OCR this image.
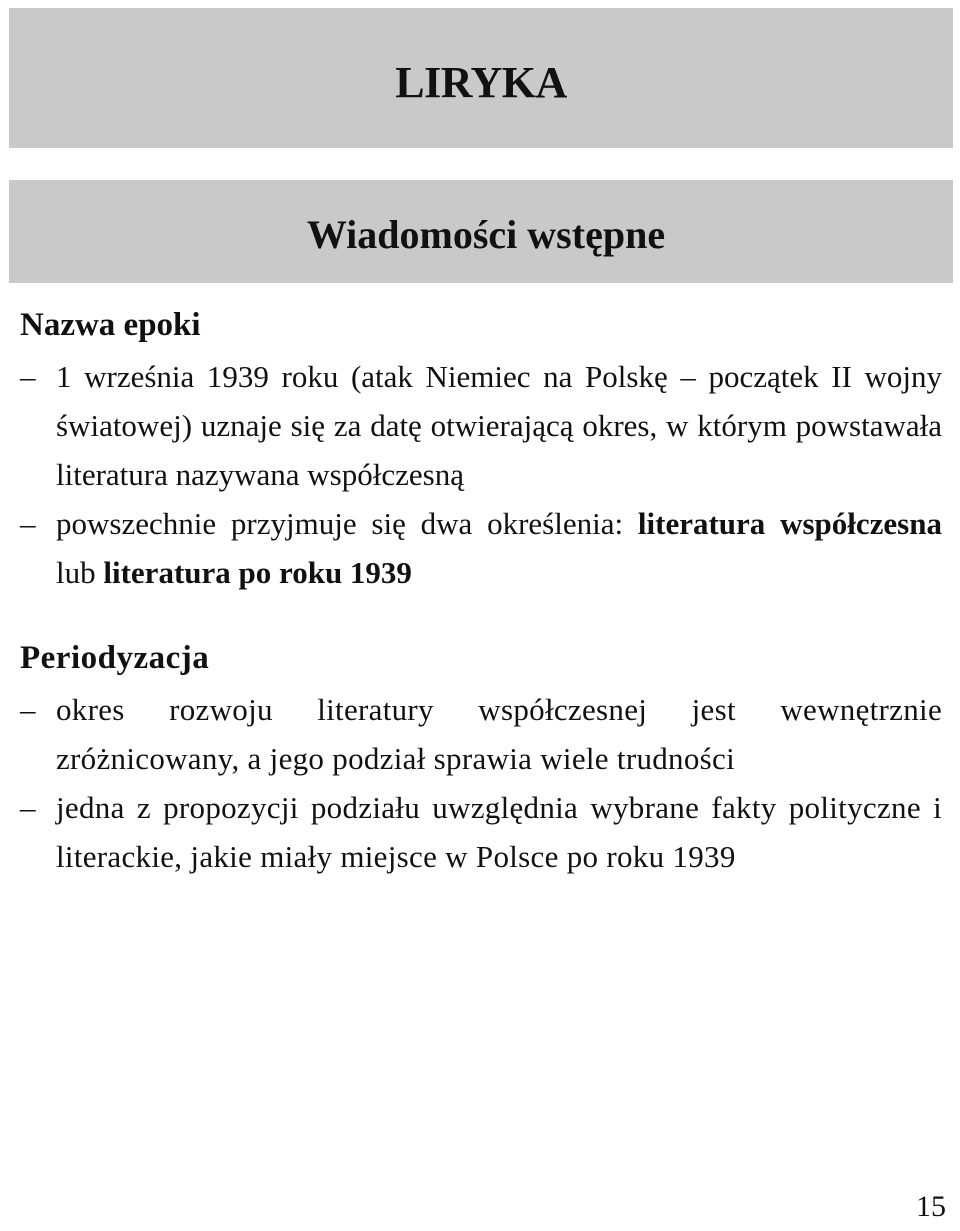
LIRYKA
Wiadomości wstępne
Nazwa epoki
– 1 września 1939 roku (atak Niemiec na Polskę – początek II wojny światowej) uznaje się za datę otwierającą okres, w którym powstawała literatura nazywana współczesną
– powszechnie przyjmuje się dwa określenia: literatura współczesna lub literatura po roku 1939
Periodyzacja
– okres rozwoju literatury współczesnej jest wewnętrznie zróżnicowany, a jego podział sprawia wiele trudności
– jedna z propozycji podziału uwzględnia wybrane fakty polityczne i literackie, jakie miały miejsce w Polsce po roku 1939

15
